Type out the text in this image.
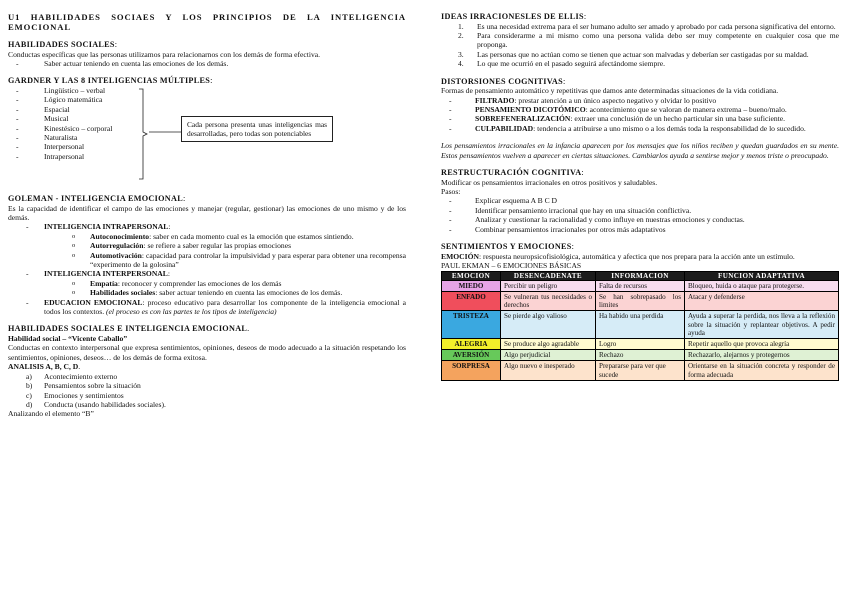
U1 HABILIDADES SOCIAES Y LOS PRINCIPIOS DE LA INTELIGENCIA EMOCIONAL
HABILIDADES SOCIALES:

Conductas específicas que las personas utilizamos para relacionarnos con los demás de forma efectiva.

- Saber actuar teniendo en cuenta las emociones de los demás.
GARDNER Y LAS 8 INTELIGENCIAS MÚLTIPLES:
- Lingüístico – verbal
- Lógico matemática
- Espacial
- Musical
- Kinestésico – corporal
- Naturalista
- Interpersonal
- Intrapersonal
Cada persona presenta unas inteligencias mas desarrolladas, pero todas son potenciables
GOLEMAN - INTELIGENCIA EMOCIONAL:

Es la capacidad de identificar el campo de las emociones y manejar (regular, gestionar) las emociones de uno mismo y de los demás.

- INTELIGENCIA INTRAPERSONAL:
o Autoconocimiento: saber en cada momento cual es la emoción que estamos sintiendo.
o Autorregulación: se refiere a saber regular las propias emociones
o Automotivación: capacidad para controlar la impulsividad y para esperar para obtener una recompensa “experimento de la golosina”
- INTELIGENCIA INTERPERSONAL:
o Empatía: reconocer y comprender las emociones de los demás
o Habilidades sociales: saber actuar teniendo en cuenta las emociones de los demás.
- EDUCACION EMOCIONAL: proceso educativo para desarrollar los componente de la inteligencia emocional a todos los contextos. (el proceso es con las partes te los tipos de inteligencia)
HABILIDADES SOCIALES E INTELIGENCIA EMOCIONAL.

Habilidad social – “Vicente Caballo”

Conductas en contexto interpersonal que expresa sentimientos, opiniones, deseos de modo adecuado a la situación respetando los sentimientos, opiniones, deseos… de los demás de forma exitosa.

ANALISIS A, B, C, D.

a) Acontecimiento externo
b) Pensamientos sobre la situación
c) Emociones y sentimientos
d) Conducta (usando habilidades sociales).

Analizando el elemento “B”

IDEAS IRRACIONESLES DE ELLIS:
1. Es una necesidad extrema para el ser humano adulto ser amado y aprobado por cada persona significativa del entorno.
2. Para considerarme a mi mismo como una persona valida debo ser muy competente en cualquier cosa que me proponga.
3. Las personas que no actúan como se tienen que actuar son malvadas y deberían ser castigadas por su maldad.
4. Lo que me ocurrió en el pasado seguirá afectándome siempre.
DISTORSIONES COGNITIVAS:

Formas de pensamiento automático y repetitivas que damos ante determinadas situaciones de la vida cotidiana.

- FILTRADO: prestar atención a un único aspecto negativo y olvidar lo positivo
- PENSAMIENTO DICOTÓMICO: acontecimiento que se valoran de manera extrema – bueno/malo.
- SOBREFENERALIZACIÓN: extraer una conclusión de un hecho particular sin una base suficiente.
- CULPABILIDAD: tendencia a atribuirse a uno mismo o a los demás toda la responsabilidad de lo sucedido.

Los pensamientos irracionales en la infancia aparecen por los mensajes que los niños reciben y quedan guardados en su mente. Estos pensamientos vuelven a aparecer en ciertas situaciones. Cambiarlos ayuda a sentirse mejor y menos triste o preocupado.

RESTRUCTURACIÓN COGNITIVA:

Modificar os pensamientos irracionales en otros positivos y saludables.

Pasos:

- Explicar esquema A B C D
- Identificar pensamiento irracional que hay en una situación conflictiva.
- Analizar y cuestionar la racionalidad y como influye en nuestras emociones y conductas.
- Combinar pensamientos irracionales por otros más adaptativos
SENTIMIENTOS Y EMOCIONES:

EMOCIÓN: respuesta neuropsicofisiológica, automática y afectica que nos prepara para la acción ante un estímulo.

PAUL EKMAN – 6 EMOCIONES BÁSICAS

EMOCION	DESENCADENATE	INFORMACION	FUNCION ADAPTATIVA
MIEDO	Percibir un peligro	Falta de recursos	Bloqueo, huida o ataque para protegerse.
ENFADO	Se vulneran tus necesidades o derechos	Se han sobrepasado los limites	Atacar y defenderse
TRISTEZA	Se pierde algo valioso	Ha habido una perdida	Ayuda a superar la perdida, nos lleva a la reflexión sobre la situación y replantear objetivos. A pedir ayuda
ALEGRIA	Se produce algo agradable	Logro	Repetir aquello que provoca alegría
AVERSIÓN	Algo perjudicial	Rechazo	Rechazarlo, alejarnos y protegernos
SORPRESA	Algo nuevo e inesperado	Prepararse para ver que sucede	Orientarse en la situación concreta y responder de forma adecuada
